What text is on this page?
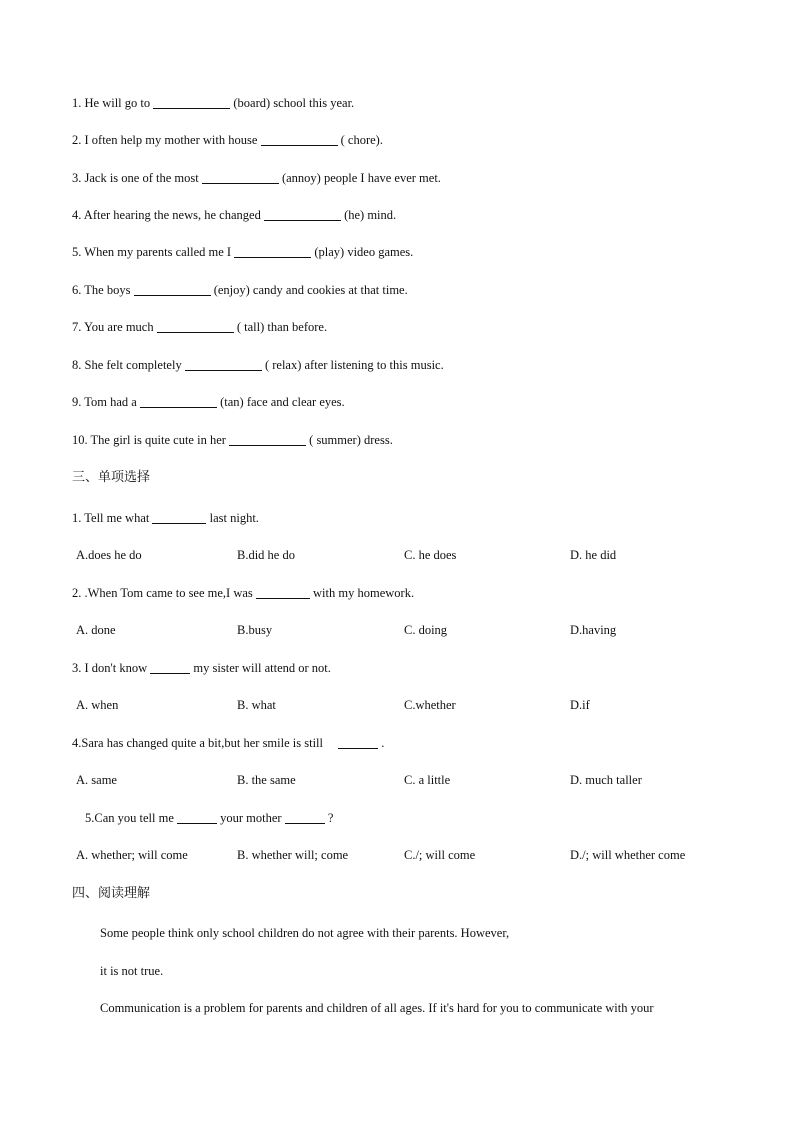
1. He will go to	(board) school this year.
2. I often help my mother with house	( chore).
3. Jack is one of the most	(annoy) people I have ever met.
4. After hearing the news, he changed	(he) mind.
5. When my parents called me I	(play) video games.
6. The boys	(enjoy) candy and cookies at that time.
7. You are much	( tall) than before.
8. She felt completely	( relax) after listening to this music.
9. Tom had a	(tan) face and clear eyes.
10. The girl is quite cute in her	( summer) dress.
三、单项选择
1. Tell me what	last night.
A.does he do	B.did he do	C. he does	D. he did
2. .When Tom came to see me,I was	with my homework.
A. done	B.busy	C. doing	D.having
3. I don't know	my sister will attend or not.
A. when	B. what	C.whether	D.if
4.Sara has changed quite a bit,but her smile is still	.
A. same	B. the same	C. a little	D. much taller
5.Can you tell me	your mother	?
A. whether; will come	B. whether will; come	C./; will come	D./; will whether come
四、阅读理解
Some people think only school children do not agree with their parents. However,
it is not true.
Communication is a problem for parents and children of all ages. If it's hard for you to communicate with your
